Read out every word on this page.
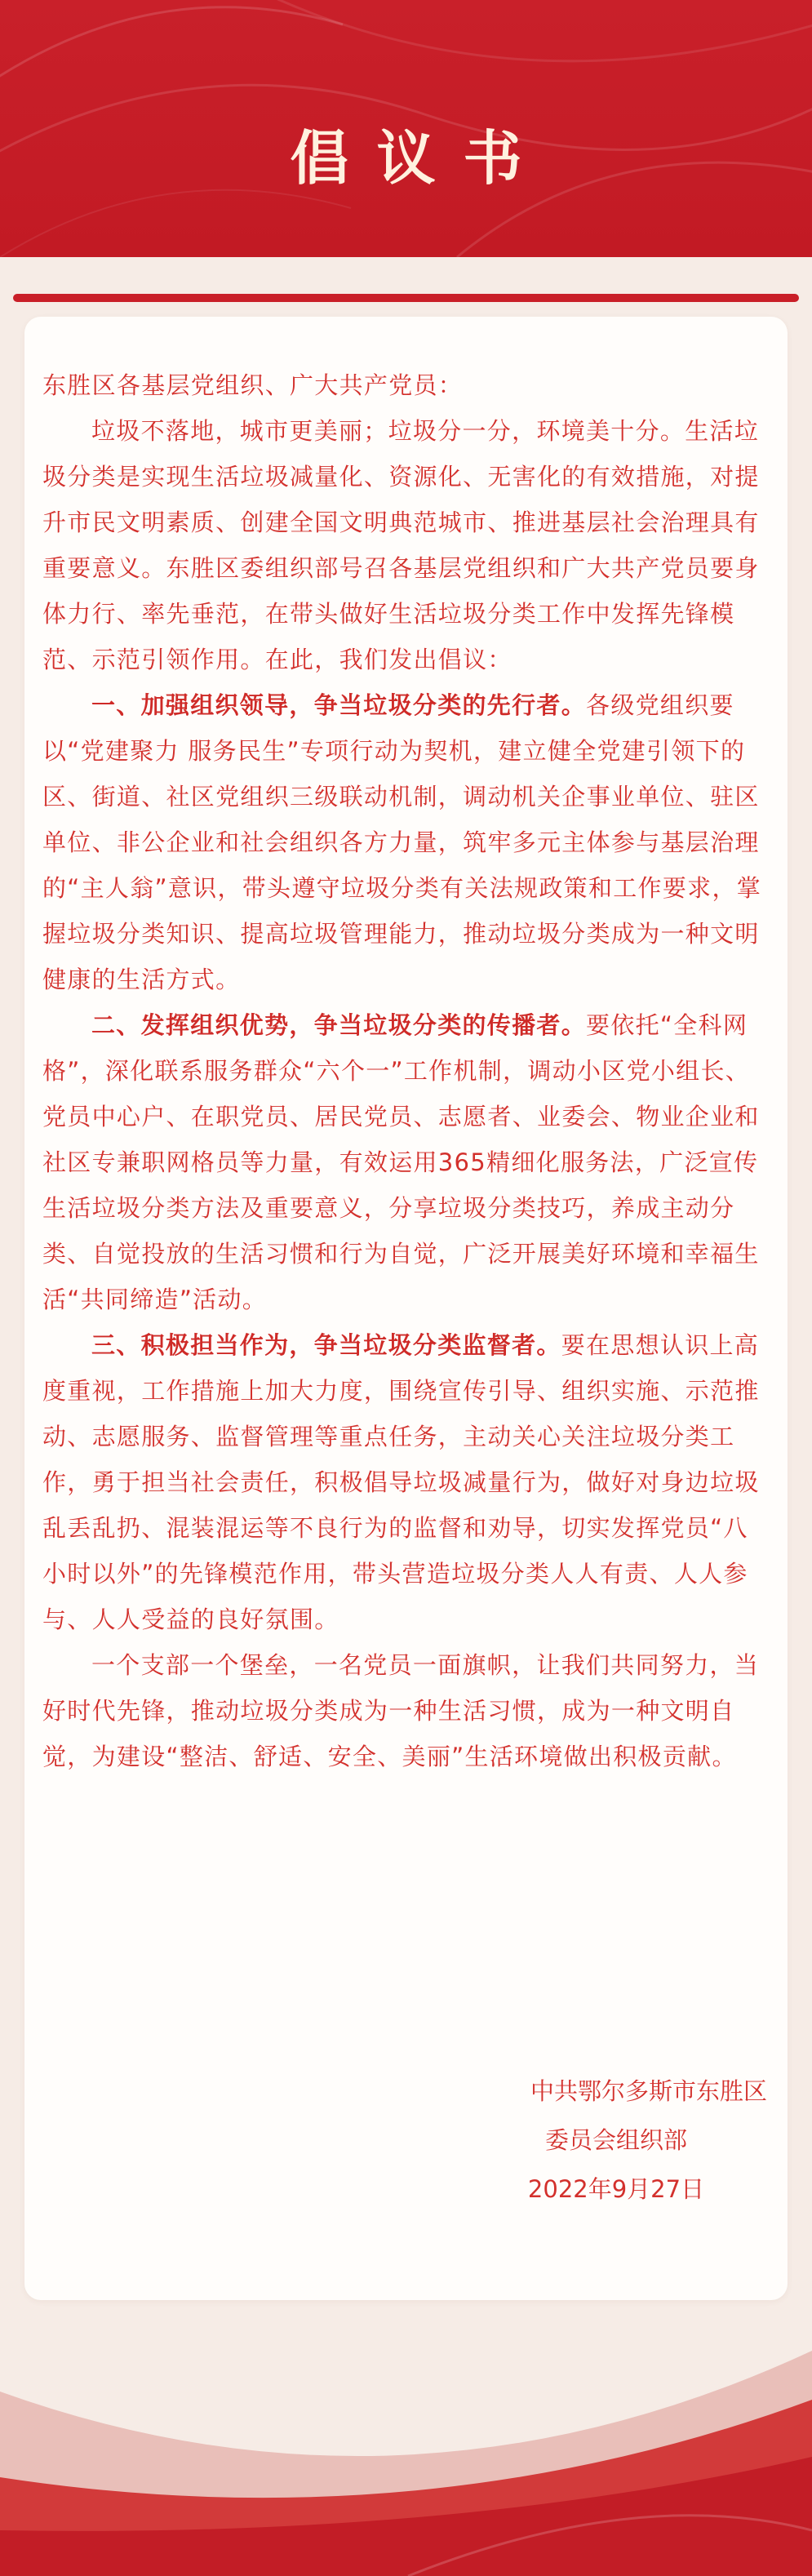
倡议书

东胜区各基层党组织、广大共产党员：

垃圾不落地，城市更美丽；垃圾分一分，环境美十分。生活垃圾分类是实现生活垃圾减量化、资源化、无害化的有效措施，对提升市民文明素质、创建全国文明典范城市、推进基层社会治理具有重要意义。东胜区委组织部号召各基层党组织和广大共产党员要身体力行、率先垂范，在带头做好生活垃圾分类工作中发挥先锋模范、示范引领作用。在此，我们发出倡议：

一、加强组织领导，争当垃圾分类的先行者。各级党组织要以“党建聚力 服务民生”专项行动为契机，建立健全党建引领下的区、街道、社区党组织三级联动机制，调动机关企事业单位、驻区单位、非公企业和社会组织各方力量，筑牢多元主体参与基层治理的“主人翁”意识，带头遵守垃圾分类有关法规政策和工作要求，掌握垃圾分类知识、提高垃圾管理能力，推动垃圾分类成为一种文明健康的生活方式。

二、发挥组织优势，争当垃圾分类的传播者。要依托“全科网格”，深化联系服务群众“六个一”工作机制，调动小区党小组长、党员中心户、在职党员、居民党员、志愿者、业委会、物业企业和社区专兼职网格员等力量，有效运用365精细化服务法，广泛宣传生活垃圾分类方法及重要意义，分享垃圾分类技巧，养成主动分类、自觉投放的生活习惯和行为自觉，广泛开展美好环境和幸福生活“共同缔造”活动。

三、积极担当作为，争当垃圾分类监督者。要在思想认识上高度重视，工作措施上加大力度，围绕宣传引导、组织实施、示范推动、志愿服务、监督管理等重点任务，主动关心关注垃圾分类工作，勇于担当社会责任，积极倡导垃圾减量行为，做好对身边垃圾乱丢乱扔、混装混运等不良行为的监督和劝导，切实发挥党员“八小时以外”的先锋模范作用，带头营造垃圾分类人人有责、人人参与、人人受益的良好氛围。

一个支部一个堡垒，一名党员一面旗帜，让我们共同努力，当好时代先锋，推动垃圾分类成为一种生活习惯，成为一种文明自觉，为建设“整洁、舒适、安全、美丽”生活环境做出积极贡献。

中共鄂尔多斯市东胜区
委员会组织部
2022年9月27日
